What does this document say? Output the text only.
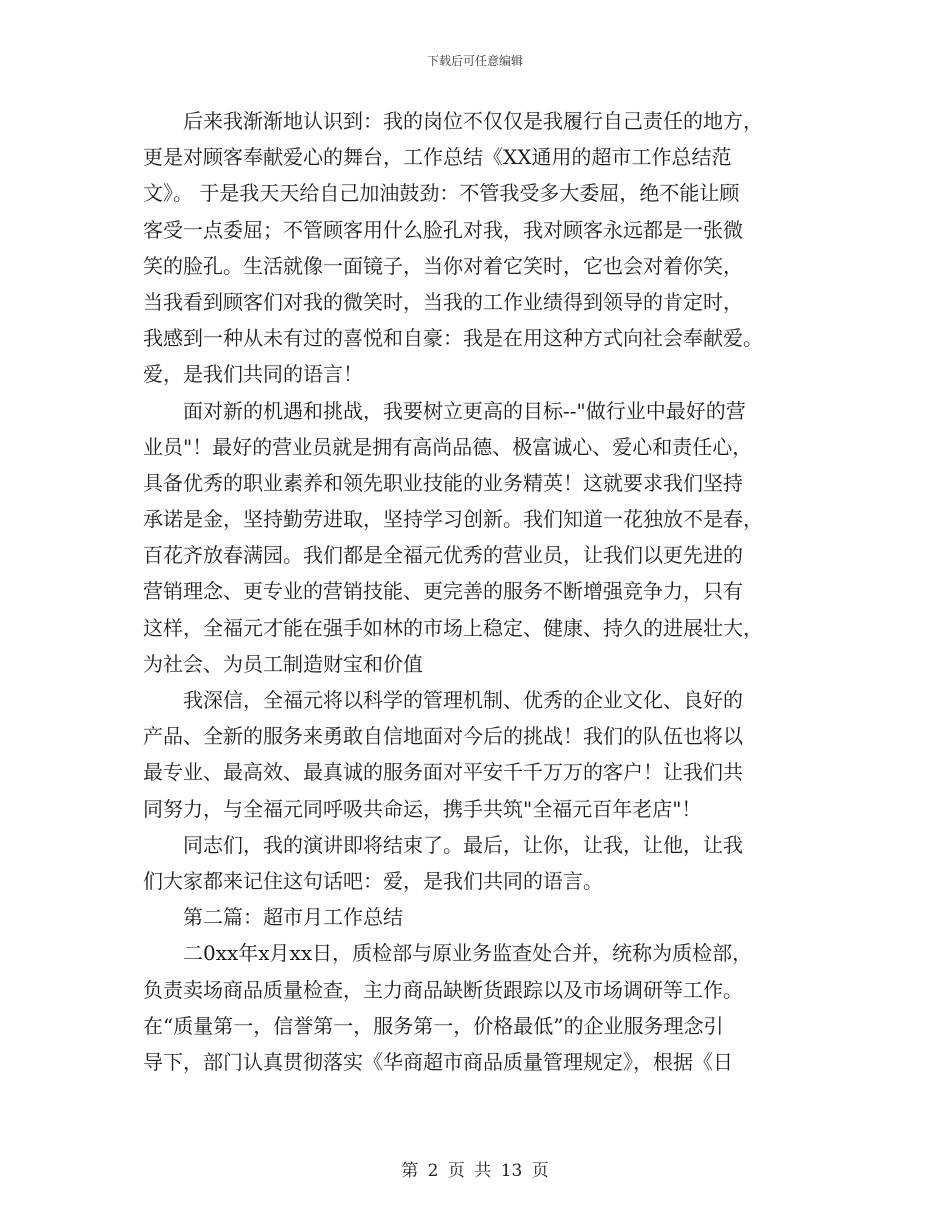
下载后可任意编辑
　　后来我渐渐地认识到：我的岗位不仅仅是我履行自己责任的地方，
更是对顾客奉献爱心的舞台，工作总结《XX通用的超市工作总结范
文》。 于是我天天给自己加油鼓劲：不管我受多大委屈，绝不能让顾
客受一点委屈；不管顾客用什么脸孔对我，我对顾客永远都是一张微
笑的脸孔。生活就像一面镜子，当你对着它笑时，它也会对着你笑，
当我看到顾客们对我的微笑时，当我的工作业绩得到领导的肯定时，
我感到一种从未有过的喜悦和自豪：我是在用这种方式向社会奉献爱。
爱，是我们共同的语言！
　　面对新的机遇和挑战，我要树立更高的目标--"做行业中最好的营
业员"！最好的营业员就是拥有高尚品德、极富诚心、爱心和责任心，
具备优秀的职业素养和领先职业技能的业务精英！这就要求我们坚持
承诺是金，坚持勤劳进取，坚持学习创新。我们知道一花独放不是春，
百花齐放春满园。我们都是全福元优秀的营业员，让我们以更先进的
营销理念、更专业的营销技能、更完善的服务不断增强竞争力，只有
这样，全福元才能在强手如林的市场上稳定、健康、持久的进展壮大，
为社会、为员工制造财宝和价值
　　我深信，全福元将以科学的管理机制、优秀的企业文化、良好的
产品、全新的服务来勇敢自信地面对今后的挑战！我们的队伍也将以
最专业、最高效、最真诚的服务面对平安千千万万的客户！让我们共
同努力，与全福元同呼吸共命运，携手共筑"全福元百年老店"！
　　同志们，我的演讲即将结束了。最后，让你，让我，让他，让我
们大家都来记住这句话吧：爱，是我们共同的语言。
　　第二篇：超市月工作总结
　　二0xx年x月xx日，质检部与原业务监查处合并，统称为质检部，
负责卖场商品质量检查，主力商品缺断货跟踪以及市场调研等工作。
在“质量第一，信誉第一，服务第一，价格最低”的企业服务理念引
导下，部门认真贯彻落实《华商超市商品质量管理规定》，根据《日
第 2 页 共 13 页
